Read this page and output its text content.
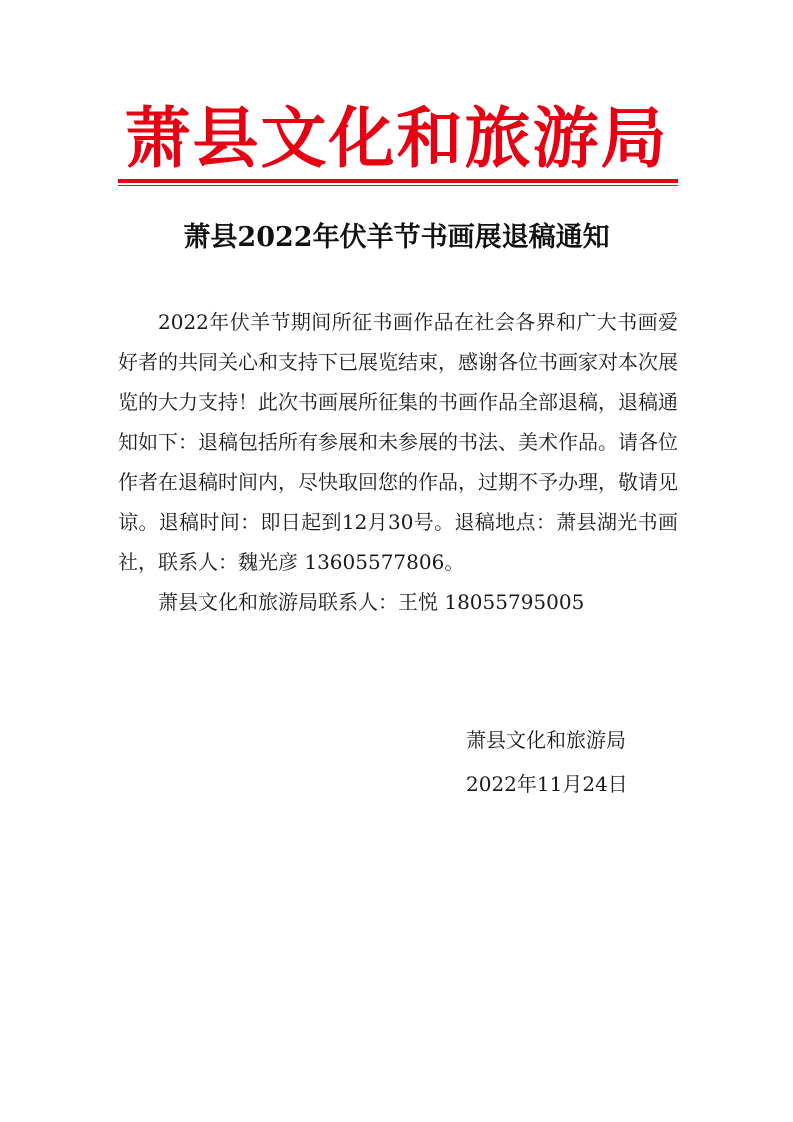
萧县文化和旅游局
萧县2022年伏羊节书画展退稿通知

2022年伏羊节期间所征书画作品在社会各界和广大书画爱好者的共同关心和支持下已展览结束，感谢各位书画家对本次展览的大力支持！此次书画展所征集的书画作品全部退稿，退稿通知如下：退稿包括所有参展和未参展的书法、美术作品。请各位作者在退稿时间内，尽快取回您的作品，过期不予办理，敬请见谅。退稿时间：即日起到12月30号。退稿地点：萧县湖光书画社，联系人：魏光彦 13605577806。

萧县文化和旅游局联系人：王悦 18055795005

萧县文化和旅游局
2022年11月24日
